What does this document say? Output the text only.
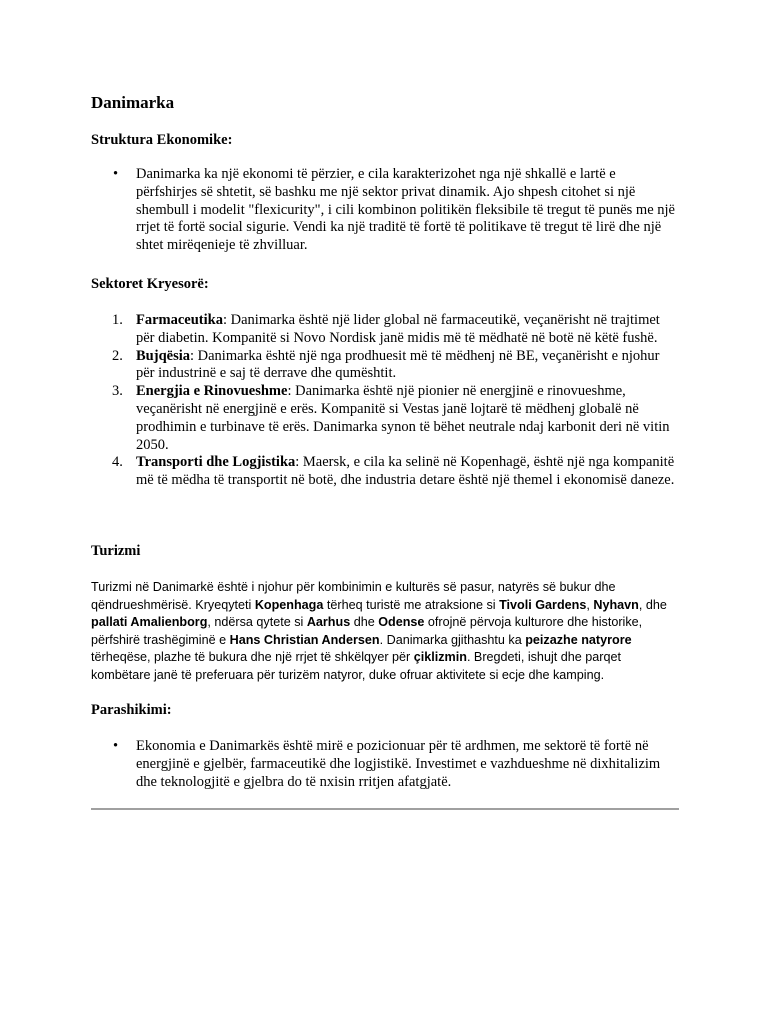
Danimarka
Struktura Ekonomike:
• Danimarka ka një ekonomi të përzier, e cila karakterizohet nga një shkallë e lartë e përfshirjes së shtetit, së bashku me një sektor privat dinamik. Ajo shpesh citohet si një shembull i modelit "flexicurity", i cili kombinon politikën fleksibile të tregut të punës me një rrjet të fortë social sigurie. Vendi ka një traditë të fortë të politikave të tregut të lirë dhe një shtet mirëqenieje të zhvilluar.
Sektoret Kryesorë:
1. Farmaceutika: Danimarka është një lider global në farmaceutikë, veçanërisht në trajtimet për diabetin. Kompanitë si Novo Nordisk janë midis më të mëdhatë në botë në këtë fushë.
2. Bujqësia: Danimarka është një nga prodhuesit më të mëdhenj në BE, veçanërisht e njohur për industrinë e saj të derrave dhe qumështit.
3. Energjia e Rinovueshme: Danimarka është një pionier në energjinë e rinovueshme, veçanërisht në energjinë e erës. Kompanitë si Vestas janë lojtarë të mëdhenj globalë në prodhimin e turbinave të erës. Danimarka synon të bëhet neutrale ndaj karbonit deri në vitin 2050.
4. Transporti dhe Logjistika: Maersk, e cila ka selinë në Kopenhagë, është një nga kompanitë më të mëdha të transportit në botë, dhe industria detare është një themel i ekonomisë daneze.
Turizmi

Turizmi në Danimarkë është i njohur për kombinimin e kulturës së pasur, natyrës së bukur dhe qëndrueshmërisë. Kryeqyteti Kopenhaga tërheq turistë me atraksione si Tivoli Gardens, Nyhavn, dhe pallati Amalienborg, ndërsa qytete si Aarhus dhe Odense ofrojnë përvoja kulturore dhe historike, përfshirë trashëgiminë e Hans Christian Andersen. Danimarka gjithashtu ka peizazhe natyrore tërheqëse, plazhe të bukura dhe një rrjet të shkëlqyer për çiklizmin. Bregdeti, ishujt dhe parqet kombëtare janë të preferuara për turizëm natyror, duke ofruar aktivitete si ecje dhe kamping.

Parashikimi:
• Ekonomia e Danimarkës është mirë e pozicionuar për të ardhmen, me sektorë të fortë në energjinë e gjelbër, farmaceutikë dhe logjistikë. Investimet e vazhdueshme në dixhitalizim dhe teknologjitë e gjelbra do të nxisin rritjen afatgjatë.
